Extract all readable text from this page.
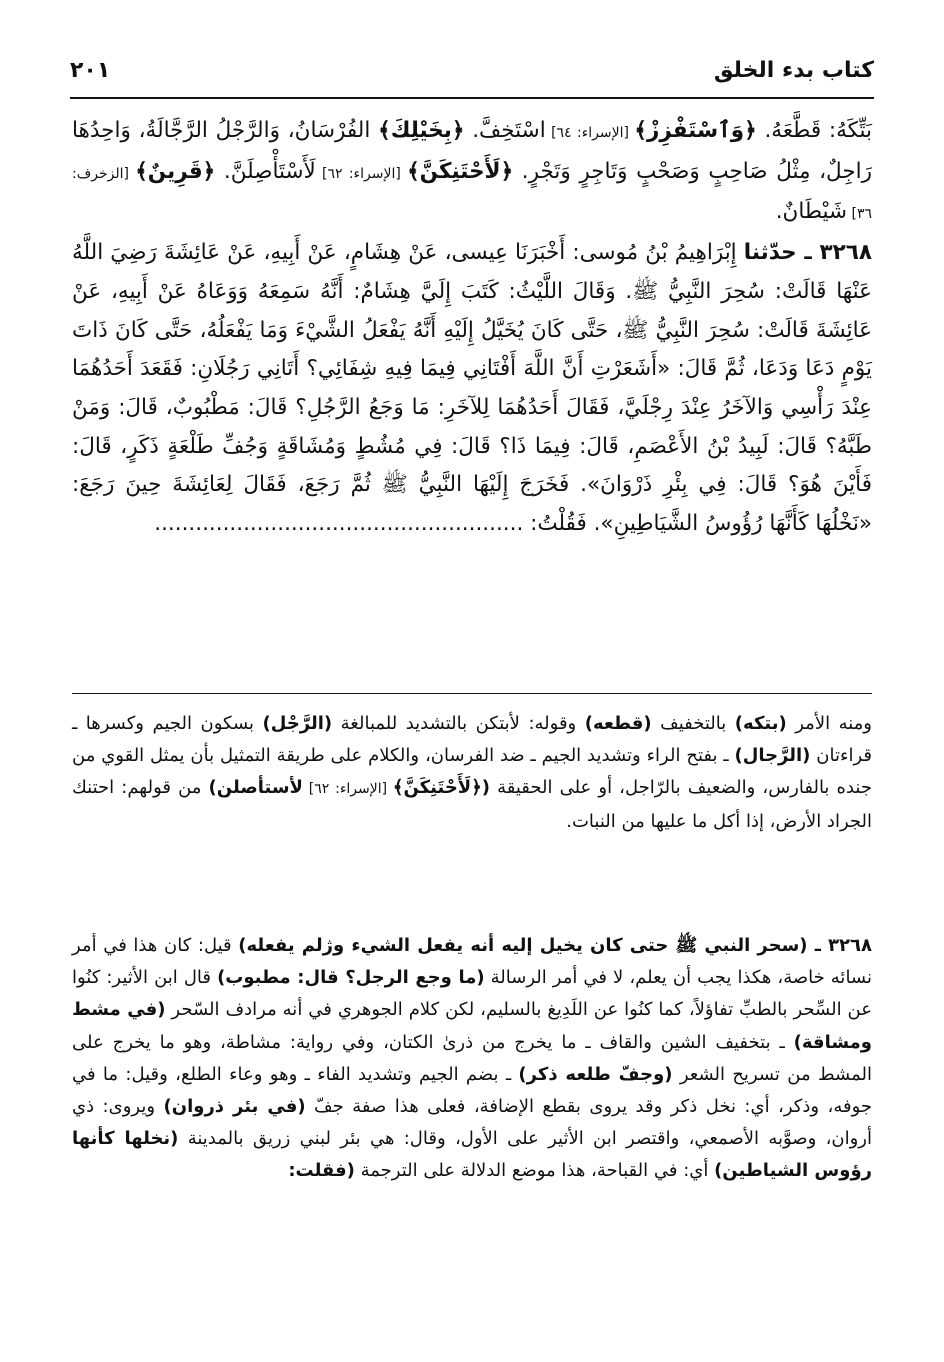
كتاب بدء الخلق
٢٠١

بَتِّكَهُ: قَطَّعَهُ. ﴿وَٱسْتَفْزِزْ﴾ [الإسراء: ٦٤] اسْتَخِفَّ. ﴿بِخَيْلِكَ﴾ الفُرْسَانُ، وَالرَّجْلُ الرَّجَّالَةُ، وَاحِدُهَا رَاجِلٌ، مِثْلُ صَاحِبٍ وَصَحْبٍ وَتَاجِرٍ وَتَجْرٍ. ﴿لَأَحْتَنِكَنَّ﴾ [الإسراء: ٦٢] لَأَسْتَأْصِلَنَّ. ﴿قَرِينٌ﴾ [الزخرف: ٣٦] شَيْطَانٌ.

٣٢٦٨ ـ حدّثنا إِبْرَاهِيمُ بْنُ مُوسى: أَخْبَرَنَا عِيسى، عَنْ هِشَامٍ، عَنْ أَبِيهِ، عَنْ عَائِشَةَ رَضِيَ اللَّهُ عَنْهَا قَالَتْ: سُحِرَ النَّبِيُّ ﷺ. وَقَالَ اللَّيْثُ: كَتَبَ إِلَيَّ هِشَامٌ: أَنَّهُ سَمِعَهُ وَوَعَاهُ عَنْ أَبِيهِ، عَنْ عَائِشَةَ قَالَتْ: سُحِرَ النَّبِيُّ ﷺ، حَتَّى كَانَ يُخَيَّلُ إِلَيْهِ أَنَّهُ يَفْعَلُ الشَّيْءَ وَمَا يَفْعَلُهُ، حَتَّى كَانَ ذَاتَ يَوْمٍ دَعَا وَدَعَا، ثُمَّ قَالَ: «أَشَعَرْتِ أَنَّ اللَّهَ أَفْتَانِي فِيمَا فِيهِ شِفَائِي؟ أَتَانِي رَجُلَانِ: فَقَعَدَ أَحَدُهُمَا عِنْدَ رَأْسِي وَالآخَرُ عِنْدَ رِجْلَيَّ، فَقَالَ أَحَدُهُمَا لِلآخَرِ: مَا وَجَعُ الرَّجُلِ؟ قَالَ: مَطْبُوبٌ، قَالَ: وَمَنْ طَبَّهُ؟ قَالَ: لَبِيدُ بْنُ الأَعْصَمِ، قَالَ: فِيمَا ذَا؟ قَالَ: فِي مُشُطٍ وَمُشَاقَةٍ وَجُفِّ طَلْعَةٍ ذَكَرٍ، قَالَ: فَأَيْنَ هُوَ؟ قَالَ: فِي بِئْرِ ذَرْوَانَ». فَخَرَجَ إِلَيْهَا النَّبِيُّ ﷺ ثُمَّ رَجَعَ، فَقَالَ لِعَائِشَةَ حِينَ رَجَعَ: «نَخْلُهَا كَأَنَّهَا رُؤُوسُ الشَّيَاطِينِ». فَقُلْتُ: ......................................................

ومنه الأمر (بتكه) بالتخفيف (قطعه) وقوله: لأبتكن بالتشديد للمبالغة (الرَّجْل) بسكون الجيم وكسرها ـ قراءتان (الرَّجال) ـ بفتح الراء وتشديد الجيم ـ ضد الفرسان، والكلام على طريقة التمثيل بأن يمثل القوي من جنده بالفارس، والضعيف بالرّاجل، أو على الحقيقة (﴿لَأَحْتَنِكَنَّ﴾ [الإسراء: ٦٢] لأستأصلن) من قولهم: احتنك الجراد الأرض، إذا أكل ما عليها من النبات.

٣٢٦٨ ـ (سحر النبي ﷺ حتى كان يخيل إليه أنه يفعل الشيء وژلم يفعله) قيل: كان هذا في أمر نسائه خاصة، هكذا يجب أن يعلم، لا في أمر الرسالة (ما وجع الرجل؟ قال: مطبوب) قال ابن الأثير: كنُوا عن السِّحر بالطبِّ تفاؤلاً، كما كنُوا عن اللَدِيغ بالسليم، لكن كلام الجوهري في أنه مرادف السّحر (في مشط ومشاقة) ـ بتخفيف الشين والقاف ـ ما يخرج من ذرىٰ الكتان، وفي رواية: مشاطة، وهو ما يخرج على المشط من تسريح الشعر (وجفّ طلعه ذكر) ـ بضم الجيم وتشديد الفاء ـ وهو وعاء الطلع، وقيل: ما في جوفه، وذكر، أي: نخل ذكر وقد يروى بقطع الإضافة، فعلى هذا صفة جفّ (في بئر ذروان) ويروى: ذي أروان، وصوَّبه الأصمعي، واقتصر ابن الأثير على الأول، وقال: هي بئر لبني زريق بالمدينة (نخلها كأنها رؤوس الشياطين) أي: في القباحة، هذا موضع الدلالة على الترجمة (فقلت:
